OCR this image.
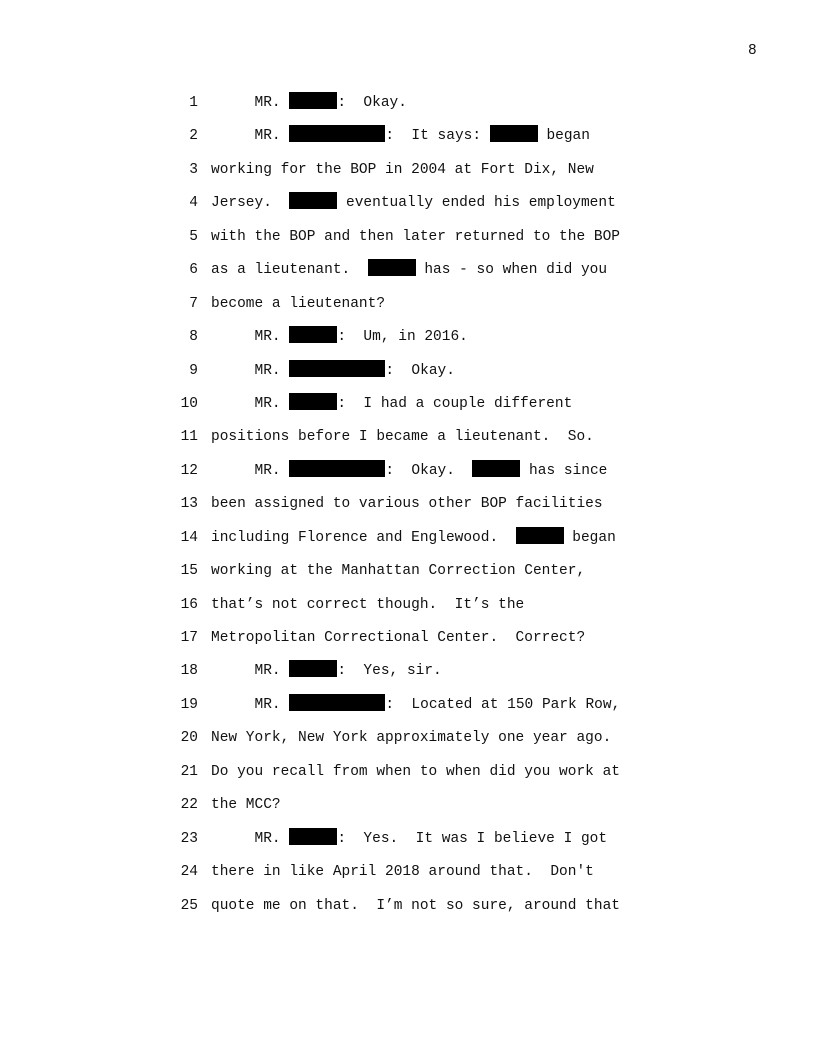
8
1 MR.	:  Okay.
2 MR.	:  It says:	began
3 working for the BOP in 2004 at Fort Dix, New
4 Jersey.	eventually ended his employment
5 with the BOP and then later returned to the BOP
6 as a lieutenant.	has - so when did you
7 become a lieutenant?
8 MR.	:  Um, in 2016.
9 MR.	:  Okay.
10 MR.	:  I had a couple different
11 positions before I became a lieutenant.  So.
12 MR.	:  Okay.	has since
13 been assigned to various other BOP facilities
14 including Florence and Englewood.	began
15 working at the Manhattan Correction Center,
16 that’s not correct though.  It’s the
17 Metropolitan Correctional Center.  Correct?
18 MR.	:  Yes, sir.
19 MR.	:  Located at 150 Park Row,
20 New York, New York approximately one year ago.
21 Do you recall from when to when did you work at
22 the MCC?
23 MR.	:  Yes.  It was I believe I got
24 there in like April 2018 around that.  Don't
25 quote me on that.  I’m not so sure, around that
